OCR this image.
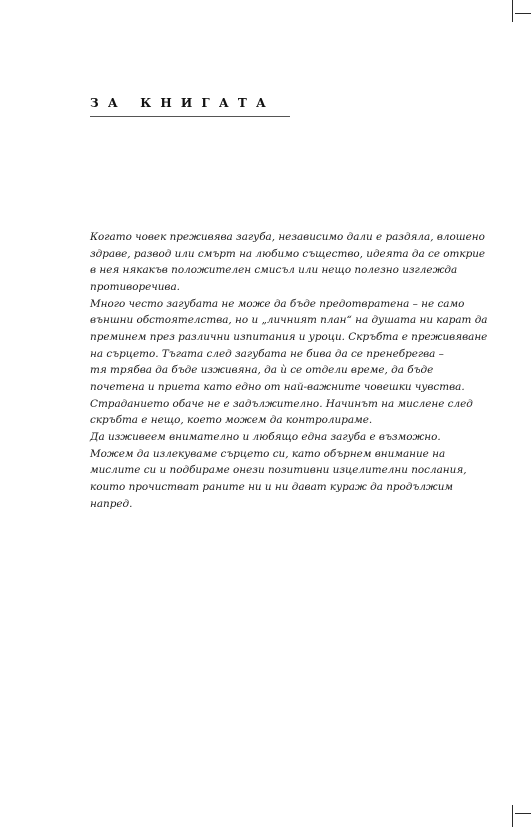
ЗА КНИГАТА
Когато човек преживява загуба, независимо дали е раздяла, влошено
здраве, развод или смърт на любимо същество, идеята да се открие
в нея някакъв положителен смисъл или нещо полезно изглежда
противоречива.
Много често загубата не може да бъде предотвратена – не само
външни обстоятелства, но и „личният план“ на душата ни карат да
преминем през различни изпитания и уроци. Скръбта е преживяване
на сърцето. Тъгата след загубата не бива да се пренебрегва –
тя трябва да бъде изживяна, да ѝ се отдели време, да бъде
почетена и приета като едно от най-важните човешки чувства.
Страданието обаче не е задължително. Начинът на мислене след
скръбта е нещо, което можем да контролираме.
Да изживеем внимателно и любящо една загуба е възможно.
Можем да излекуваме сърцето си, като обърнем внимание на
мислите си и подбираме онези позитивни изцелителни послания,
които прочистват раните ни и ни дават кураж да продължим
напред.
